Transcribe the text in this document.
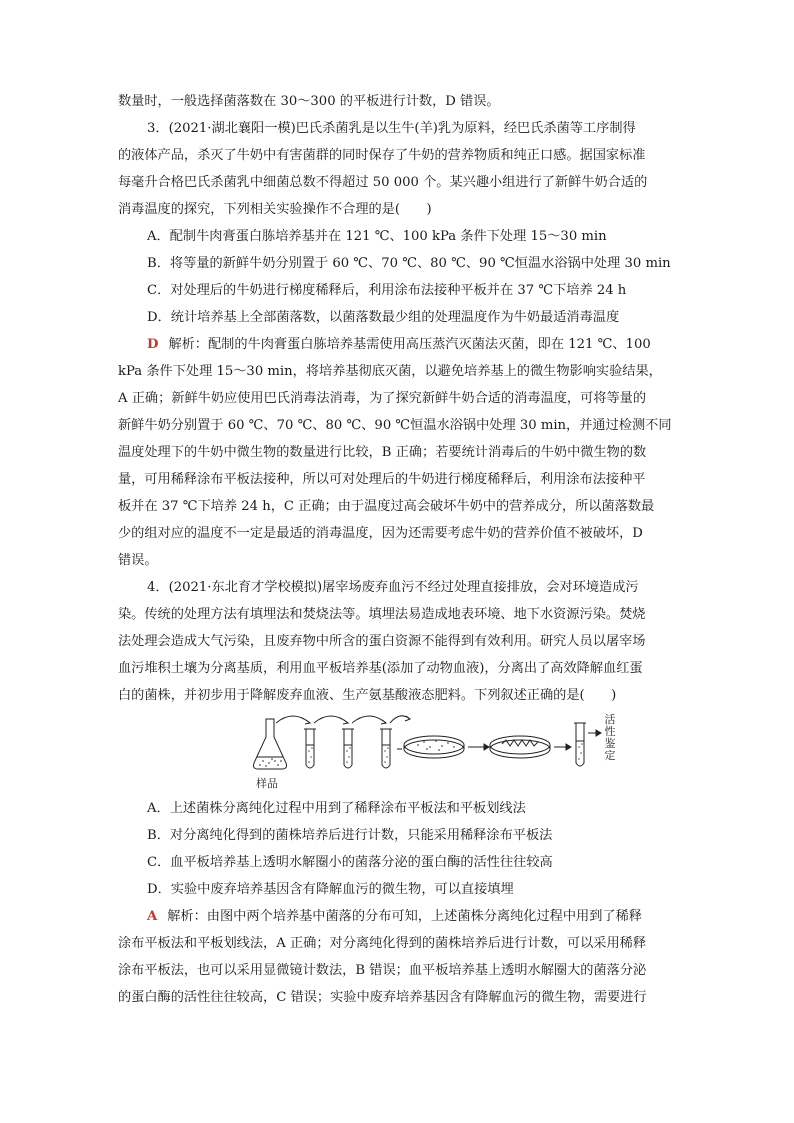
数量时，一般选择菌落数在 30～300 的平板进行计数，D 错误。
3．(2021·湖北襄阳一模)巴氏杀菌乳是以生牛(羊)乳为原料，经巴氏杀菌等工序制得
的液体产品，杀灭了牛奶中有害菌群的同时保存了牛奶的营养物质和纯正口感。据国家标准
每毫升合格巴氏杀菌乳中细菌总数不得超过 50 000 个。某兴趣小组进行了新鲜牛奶合适的
消毒温度的探究，下列相关实验操作不合理的是(　　)
A．配制牛肉膏蛋白胨培养基并在 121 ℃、100 kPa 条件下处理 15～30 min
B．将等量的新鲜牛奶分别置于 60 ℃、70 ℃、80 ℃、90 ℃恒温水浴锅中处理 30 min
C．对处理后的牛奶进行梯度稀释后，利用涂布法接种平板并在 37 ℃下培养 24 h
D．统计培养基上全部菌落数，以菌落数最少组的处理温度作为牛奶最适消毒温度
D 解析：配制的牛肉膏蛋白胨培养基需使用高压蒸汽灭菌法灭菌，即在 121 ℃、100
kPa 条件下处理 15～30 min，将培养基彻底灭菌，以避免培养基上的微生物影响实验结果，
A 正确；新鲜牛奶应使用巴氏消毒法消毒，为了探究新鲜牛奶合适的消毒温度，可将等量的
新鲜牛奶分别置于 60 ℃、70 ℃、80 ℃、90 ℃恒温水浴锅中处理 30 min，并通过检测不同
温度处理下的牛奶中微生物的数量进行比较，B 正确；若要统计消毒后的牛奶中微生物的数
量，可用稀释涂布平板法接种，所以可对处理后的牛奶进行梯度稀释后，利用涂布法接种平
板并在 37 ℃下培养 24 h，C 正确；由于温度过高会破坏牛奶中的营养成分，所以菌落数最
少的组对应的温度不一定是最适的消毒温度，因为还需要考虑牛奶的营养价值不被破坏，D
错误。
4．(2021·东北育才学校模拟)屠宰场废弃血污不经过处理直接排放，会对环境造成污
染。传统的处理方法有填埋法和焚烧法等。填埋法易造成地表环境、地下水资源污染。焚烧
法处理会造成大气污染，且废弃物中所含的蛋白资源不能得到有效利用。研究人员以屠宰场
血污堆积土壤为分离基质，利用血平板培养基(添加了动物血液)，分离出了高效降解血红蛋
白的菌株，并初步用于降解废弃血液、生产氨基酸液态肥料。下列叙述正确的是(　　)
样品
活
性
鉴
定
A．上述菌株分离纯化过程中用到了稀释涂布平板法和平板划线法
B．对分离纯化得到的菌株培养后进行计数，只能采用稀释涂布平板法
C．血平板培养基上透明水解圈小的菌落分泌的蛋白酶的活性往往较高
D．实验中废弃培养基因含有降解血污的微生物，可以直接填埋
A 解析：由图中两个培养基中菌落的分布可知，上述菌株分离纯化过程中用到了稀释
涂布平板法和平板划线法，A 正确；对分离纯化得到的菌株培养后进行计数，可以采用稀释
涂布平板法，也可以采用显微镜计数法，B 错误；血平板培养基上透明水解圈大的菌落分泌
的蛋白酶的活性往往较高，C 错误；实验中废弃培养基因含有降解血污的微生物，需要进行
